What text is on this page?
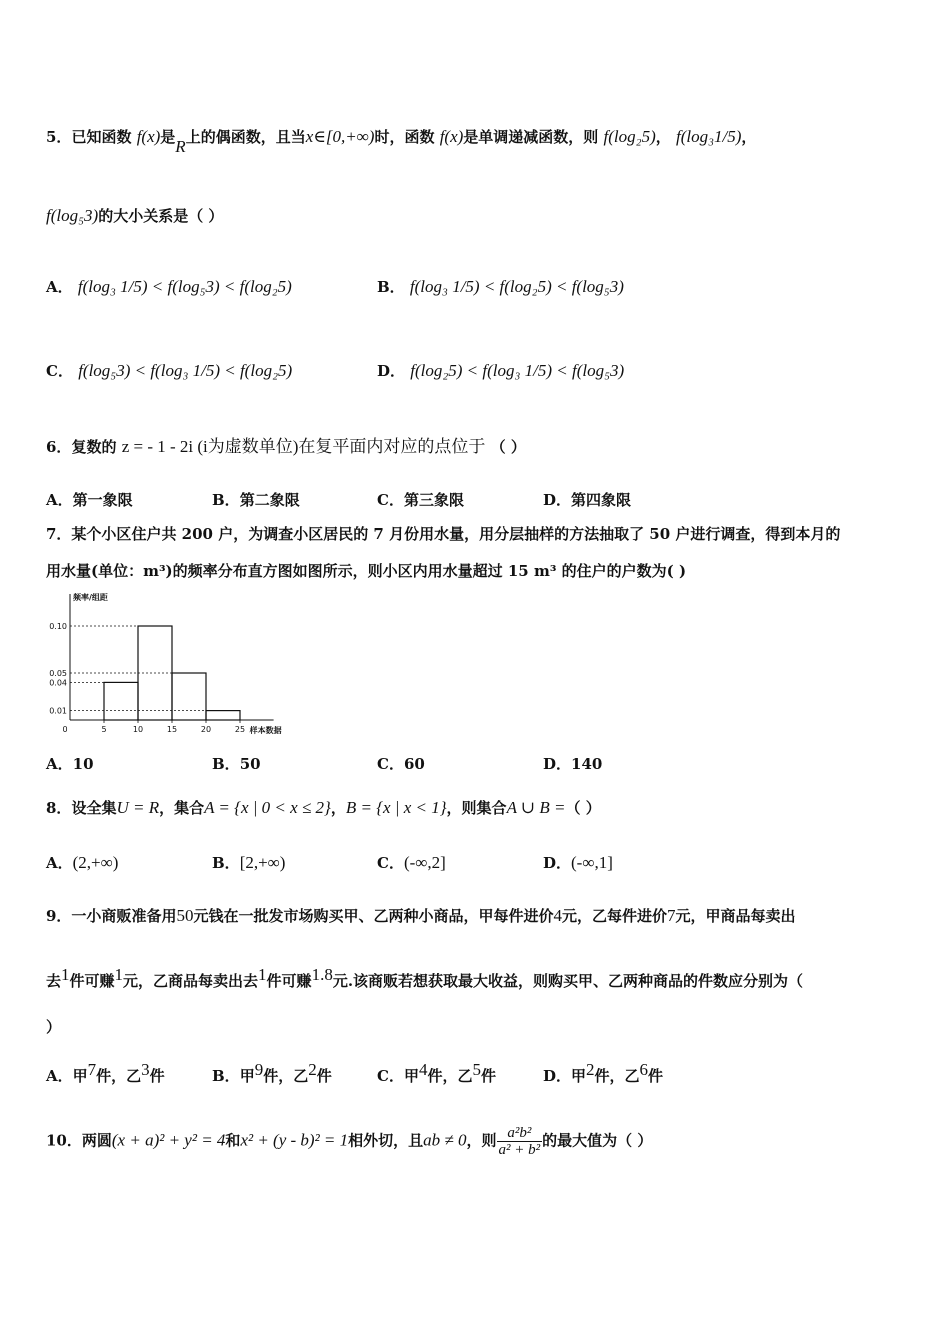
5．已知函数 f(x)是R上的偶函数，且当x∈[0,+∞)时，函数 f(x)是单调递减函数，则 f(log₂5)， f(log₃1/5)，
f(log₅3)的大小关系是（ ）
A． f(log₃ 1/5) < f(log₅3) < f(log₂5)	B． f(log₃ 1/5) < f(log₂5) < f(log₅3)
C． f(log₅3) < f(log₃ 1/5) < f(log₂5)	D． f(log₂5) < f(log₃ 1/5) < f(log₅3)
6．复数的 z = - 1 - 2i (i为虚数单位)在复平面内对应的点位于 （ ）
A．第一象限	B．第二象限	C．第三象限	D．第四象限
7．某个小区住户共 200 户，为调查小区居民的 7 月份用水量，用分层抽样的方法抽取了 50 户进行调查，得到本月的
用水量(单位：m³)的频率分布直方图如图所示，则小区内用水量超过 15 m³ 的住户的户数为( )
0.10
0.05
0.04
0.01
0	5	10	15	20	25
频率/组距
样本数据
A．10	B．50	C．60	D．140
8．设全集U = R，集合A = {x | 0 < x ≤ 2}，B = {x | x < 1}，则集合A ∪ B =（ ）
A．(2,+∞)	B．[2,+∞)	C．(-∞,2]	D．(-∞,1]
9．一小商贩准备用50元钱在一批发市场购买甲、乙两种小商品，甲每件进价4元，乙每件进价7元，甲商品每卖出
去$^1$件可赚$^1$元，乙商品每卖出去$^1$件可赚$^{1.8}$元.该商贩若想获取最大收益，则购买甲、乙两种商品的件数应分别为（
）
A．甲$^7$件，乙$^3$件	B．甲$^9$件，乙$^2$件	C．甲$^4$件，乙$^5$件	D．甲$^2$件，乙$^6$件
10．两圆(x + a)² + y² = 4和x² + (y - b)² = 1相外切，且ab ≠ 0，则 $\frac{\text{a²b²}}{\text{a² + b²}}$ 的最大值为（ ）
